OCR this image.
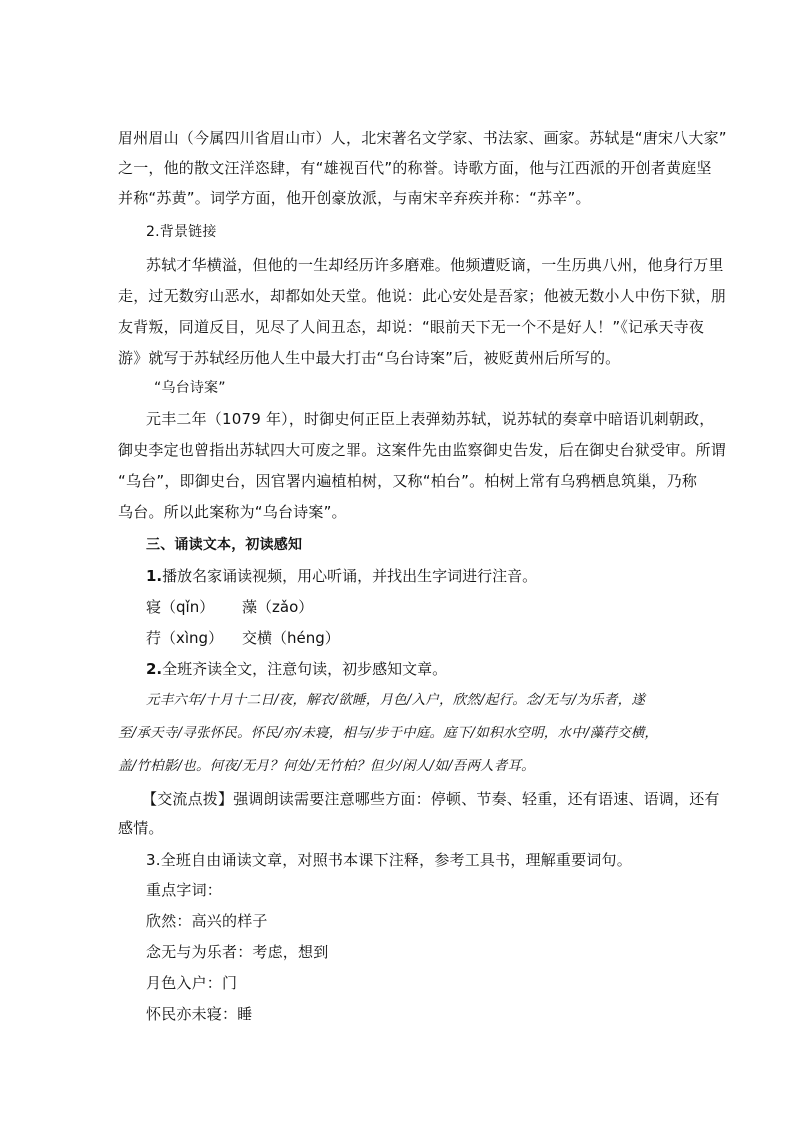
眉州眉山（今属四川省眉山市）人，北宋著名文学家、书法家、画家。苏轼是“唐宋八大家”
之一，他的散文汪洋恣肆，有“雄视百代”的称誉。诗歌方面，他与江西派的开创者黄庭坚
并称“苏黄”。词学方面，他开创豪放派，与南宋辛弃疾并称：“苏辛”。
2.背景链接
苏轼才华横溢，但他的一生却经历许多磨难。他频遭贬谪，一生历典八州，他身行万里
走，过无数穷山恶水，却都如处天堂。他说：此心安处是吾家；他被无数小人中伤下狱，朋
友背叛，同道反目，见尽了人间丑态，却说：“眼前天下无一个不是好人！”《记承天寺夜
游》就写于苏轼经历他人生中最大打击“乌台诗案”后，被贬黄州后所写的。
“乌台诗案”
元丰二年（1079 年），时御史何正臣上表弹劾苏轼，说苏轼的奏章中暗语讥刺朝政，
御史李定也曾指出苏轼四大可废之罪。这案件先由监察御史告发，后在御史台狱受审。所谓
“乌台”，即御史台，因官署内遍植柏树，又称“柏台”。柏树上常有乌鸦栖息筑巢，乃称
乌台。所以此案称为“乌台诗案”。
三、诵读文本，初读感知
1.播放名家诵读视频，用心听诵，并找出生字词进行注音。
寝（qǐn） 藻（zǎo）
荇（xìng） 交横（héng）
2.全班齐读全文，注意句读，初步感知文章。
元丰六年/十月十二日/夜，解衣/欲睡，月色/入户，欣然/起行。念/无与/为乐者，遂
至/承天寺/寻张怀民。怀民/亦/未寝，相与/步于中庭。庭下/如积水空明，水中/藻荇交横，
盖/竹柏影/也。何夜/无月？何处/无竹柏？但少/闲人/如/吾两人者耳。
【交流点拨】强调朗读需要注意哪些方面：停顿、节奏、轻重，还有语速、语调，还有
感情。
3.全班自由诵读文章，对照书本课下注释，参考工具书，理解重要词句。
重点字词：
欣然：高兴的样子
念无与为乐者：考虑，想到
月色入户：门
怀民亦未寝：睡
